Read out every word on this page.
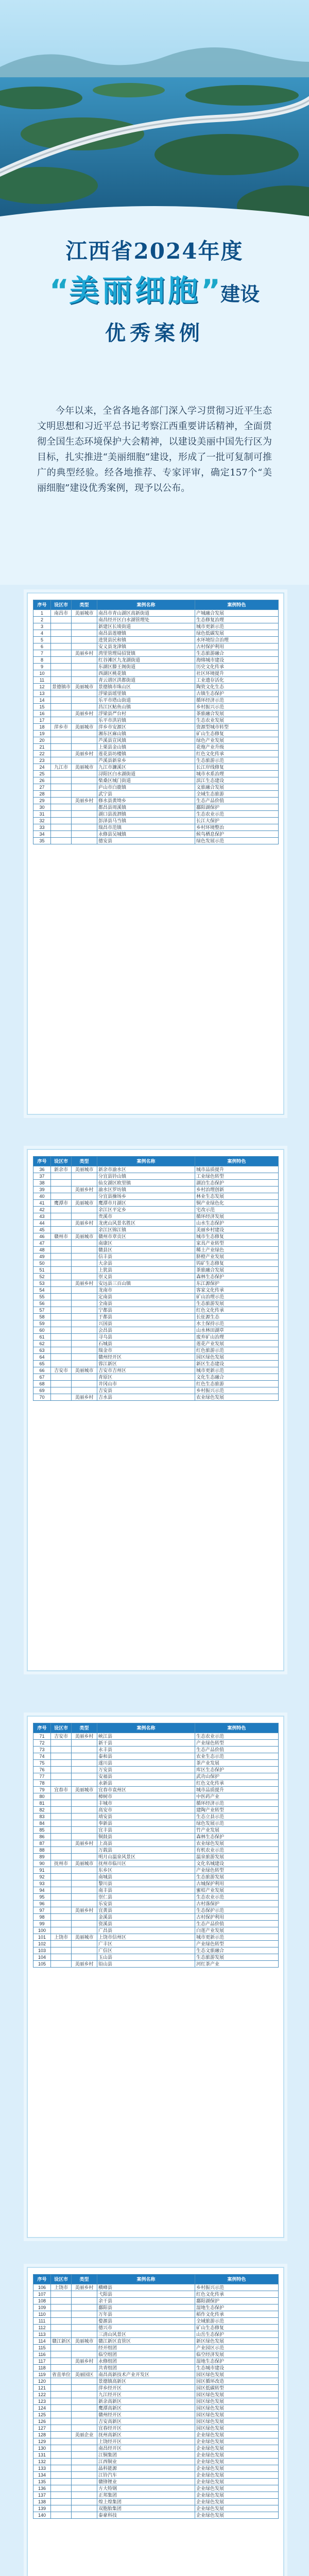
江西省2024年度
“美丽细胞”建设
优秀案例
今年以来，全省各地各部门深入学习贯彻习近平生态文明思想和习近平总书记考察江西重要讲话精神，全面贯彻全国生态环境保护大会精神，以建设美丽中国先行区为目标，扎实推进“美丽细胞”建设，形成了一批可复制可推广的典型经验。经各地推荐、专家评审，确定157个“美丽细胞”建设优秀案例，现予以公布。
序号	设区市	类型	案例名称	案例特色
1	南昌市	美丽城市	南昌市青山湖区高新街道	产城融合发展
2			南昌经开区白水湖管理处	生态修复治理
3			新建区长堎街道	城市更新示范
4			南昌县莲塘镇	绿色低碳发展
5			进贤县民和镇	水环境综合治理
6			安义县龙津镇	古村保护利用
7		美丽乡村	湾里管理局招贤镇	生态旅游融合
8			红谷滩区九龙湖街道	海绵城市建设
9			东湖区滕王阁街道	历史文化传承
10			西湖区桃花镇	社区环境提升
11			青云谱区洪都街道	工业遗存活化
12	景德镇市	美丽城市	景德镇市珠山区	陶瓷文化生态
13			浮梁县瑶里镇	古镇生态保护
14			乐平市塔山街道	循环经济示范
15			昌江区鲇鱼山镇	乡村振兴示范
16		美丽乡村	浮梁县严台村	茶旅融合发展
17			乐平市洪岩镇	生态农业发展
18	萍乡市	美丽城市	萍乡市安源区	资源型城市转型
19			湘东区麻山镇	矿山生态修复
20			芦溪县宣风镇	绿色产业发展
21			上栗县金山镇	花炮产业升级
22		美丽乡村	莲花县坊楼镇	红色文化传承
23			芦溪县新泉乡	生态旅游示范
24	九江市	美丽城市	九江市濂溪区	长江岸线修复
25			浔阳区白水湖街道	城市水系治理
26			柴桑区城门街道	滨江生态建设
27			庐山市白鹿镇	文旅融合发展
28			武宁县	全域生态旅游
29		美丽乡村	修水县黄坳乡	生态产品价值
30			都昌县周溪镇	鄱阳湖保护
31			湖口县流泗镇	生态农业示范
32			彭泽县马当镇	长江大保护
33			瑞昌市范镇	乡村环境整治
34			永修县吴城镇	候鸟栖息保护
35			德安县	绿色发展示范
序号	设区市	类型	案例名称	案例特色
36	新余市	美丽城市	新余市渝水区	城市品质提升
37			分宜县钤山镇	工业绿色转型
38			仙女湖区欧里镇	湖泊生态保护
39		美丽乡村	渝水区罗坊镇	乡村治理创新
40			分宜县操场乡	林业生态发展
41	鹰潭市	美丽城市	鹰潭市月湖区	铜产业绿色化
42			余江区平定乡	宅改示范
43			贵溪市	循环经济发展
44		美丽乡村	龙虎山风景名胜区	山水生态保护
45			余江区锦江镇	美丽乡村建设
46	赣州市	美丽城市	赣州市章贡区	城市生态修复
47			南康区	家具产业转型
48			赣县区	稀土产业绿色
49			信丰县	脐橙产业发展
50			大余县	钨矿生态修复
51			上犹县	茶旅融合发展
52			崇义县	森林生态保护
53		美丽乡村	安远县三百山镇	东江源保护
54			龙南市	客家文化传承
55			定南县	矿山治理示范
56			全南县	生态旅游发展
57			宁都县	红色文化传承
58			于都县	长征源生态
59			兴国县	水土保持示范
60			会昌县	山水林田湖草
61			寻乌县	废弃矿山治理
62			石城县	莲花产业发展
63			瑞金市	红色旅游示范
64			赣州经开区	园区绿色发展
65			蓉江新区	新区生态建设
66	吉安市	美丽城市	吉安市吉州区	城市更新示范
67			青原区	文化生态融合
68			井冈山市	红色生态旅游
69			吉安县	乡村振兴示范
70		美丽乡村	吉水县	农业绿色发展
序号	设区市	类型	案例名称	案例特色
71	吉安市	美丽乡村	峡江县	生态农业示范
72			新干县	产业绿色转型
73			永丰县	生态产品价值
74			泰和县	农业生态示范
75			遂川县	茶产业发展
76			万安县	库区生态保护
77			安福县	武功山保护
78			永新县	红色文化传承
79	宜春市	美丽城市	宜春市袁州区	城市品质提升
80			樟树市	中医药产业
81			丰城市	循环经济示范
82			高安市	建陶产业转型
83			靖安县	生态立县示范
84			奉新县	绿色发展示范
85			宜丰县	竹产业发展
86			铜鼓县	森林生态保护
87		美丽乡村	上高县	农业绿色发展
88			万载县	有机农业示范
89			明月山温泉风景区	温泉旅游发展
90	抚州市	美丽城市	抚州市临川区	文化名城建设
91			东乡区	产业绿色转型
92			南城县	生态旅游发展
93			黎川县	古城保护利用
94			南丰县	蜜桔产业发展
95			崇仁县	生态农业示范
96			乐安县	古村落保护
97		美丽乡村	宜黄县	生态保护示范
98			金溪县	古村保护利用
99			资溪县	生态产品价值
100			广昌县	白莲产业发展
101	上饶市	美丽城市	上饶市信州区	城市更新示范
102			广丰区	产业绿色转型
103			广信区	生态文旅融合
104			玉山县	生态旅游发展
105		美丽乡村	铅山县	河红茶产业
序号	设区市	类型	案例名称	案例特色
106	上饶市	美丽乡村	横峰县	乡村振兴示范
107			弋阳县	红色文化传承
108			余干县	鄱阳湖保护
109			鄱阳县	湿地生态保护
110			万年县	稻作文化传承
111			婺源县	全域旅游示范
112			德兴市	矿山生态修复
113			三清山风景区	山岳生态保护
114	赣江新区	美丽城市	赣江新区直管区	新区绿色发展
115			经开组团	产业园区示范
116			临空组团	临空经济发展
117		美丽乡村	永修组团	湿地生态保护
118			共青组团	生态城市建设
119	省直单位	美丽园区	南昌高新技术产业开发区	园区绿色发展
120			景德镇高新区	园区循环改造
121			萍乡经开区	园区低碳转型
122			九江经开区	园区绿色发展
123			新余高新区	园区绿色发展
124			鹰潭高新区	园区绿色发展
125			赣州经开区	园区绿色发展
126			吉安高新区	园区绿色发展
127			宜春经开区	园区绿色发展
128		美丽企业	抚州高新区	企业绿色发展
129			上饶经开区	企业绿色发展
130			南昌经开区	企业绿色发展
131			江铜集团	企业绿色发展
132			江西铜业	企业绿色发展
133			晶科能源	企业绿色发展
134			江铃汽车	企业绿色发展
135			赣锋锂业	企业绿色发展
136			方大特钢	企业绿色发展
137			正邦集团	企业绿色发展
138			煌上煌集团	企业绿色发展
139			双胞胎集团	企业绿色发展
140			泰豪科技	企业绿色发展
